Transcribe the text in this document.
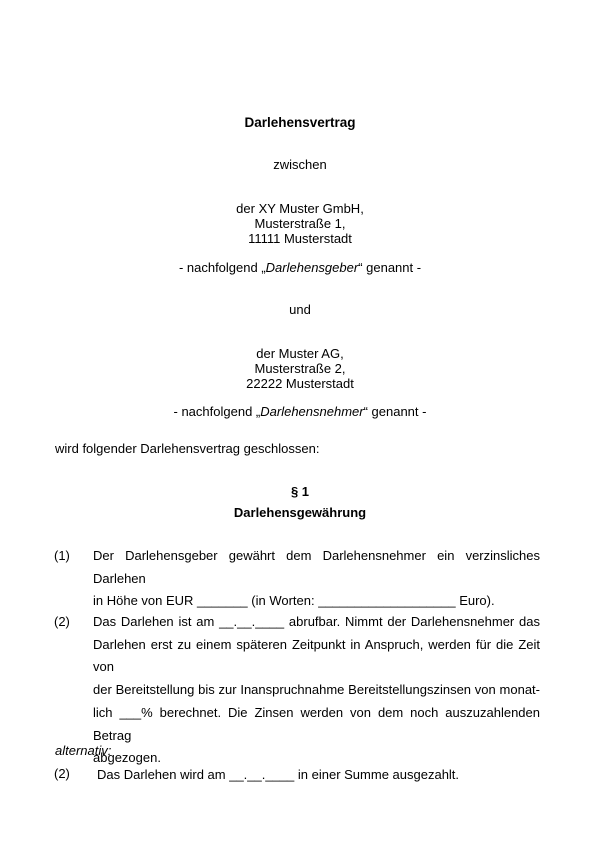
Darlehensvertrag
zwischen
der XY Muster GmbH,
Musterstraße 1,
11111 Musterstadt
- nachfolgend „Darlehensgeber“ genannt -
und
der Muster AG,
Musterstraße 2,
22222 Musterstadt
- nachfolgend „Darlehensnehmer“ genannt -
wird folgender Darlehensvertrag geschlossen:
§ 1
Darlehensgewährung
(1) Der Darlehensgeber gewährt dem Darlehensnehmer ein verzinsliches Darlehen
in Höhe von EUR _______ (in Worten: ___________________ Euro).
(2) Das Darlehen ist am __.__.____ abrufbar. Nimmt der Darlehensnehmer das
Darlehen erst zu einem späteren Zeitpunkt in Anspruch, werden für die Zeit von
der Bereitstellung bis zur Inanspruchnahme Bereitstellungszinsen von monat-
lich ___% berechnet. Die Zinsen werden von dem noch auszuzahlenden Betrag
abgezogen.
alternativ:
(2) Das Darlehen wird am __.__.____ in einer Summe ausgezahlt.
